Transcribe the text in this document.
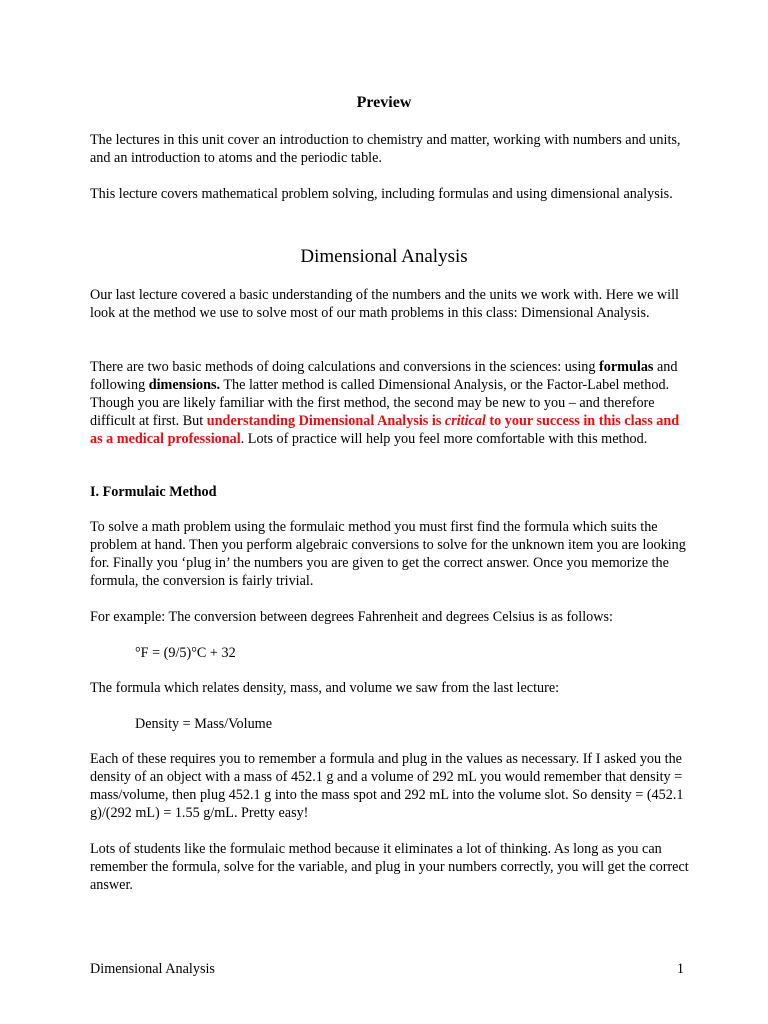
Preview

The lectures in this unit cover an introduction to chemistry and matter, working with numbers and units, and an introduction to atoms and the periodic table.

This lecture covers mathematical problem solving, including formulas and using dimensional analysis.

Dimensional Analysis

Our last lecture covered a basic understanding of the numbers and the units we work with. Here we will look at the method we use to solve most of our math problems in this class: Dimensional Analysis.

There are two basic methods of doing calculations and conversions in the sciences: using formulas and following dimensions. The latter method is called Dimensional Analysis, or the Factor-Label method. Though you are likely familiar with the first method, the second may be new to you – and therefore difficult at first. But understanding Dimensional Analysis is critical to your success in this class and as a medical professional. Lots of practice will help you feel more comfortable with this method.

I. Formulaic Method

To solve a math problem using the formulaic method you must first find the formula which suits the problem at hand. Then you perform algebraic conversions to solve for the unknown item you are looking for. Finally you ‘plug in’ the numbers you are given to get the correct answer. Once you memorize the formula, the conversion is fairly trivial.

For example: The conversion between degrees Fahrenheit and degrees Celsius is as follows:

°F = (9/5)°C + 32

The formula which relates density, mass, and volume we saw from the last lecture:

Density = Mass/Volume

Each of these requires you to remember a formula and plug in the values as necessary. If I asked you the density of an object with a mass of 452.1 g and a volume of 292 mL you would remember that density = mass/volume, then plug 452.1 g into the mass spot and 292 mL into the volume slot. So density = (452.1 g)/(292 mL) = 1.55 g/mL. Pretty easy!

Lots of students like the formulaic method because it eliminates a lot of thinking. As long as you can remember the formula, solve for the variable, and plug in your numbers correctly, you will get the correct answer.

Dimensional Analysis	1
